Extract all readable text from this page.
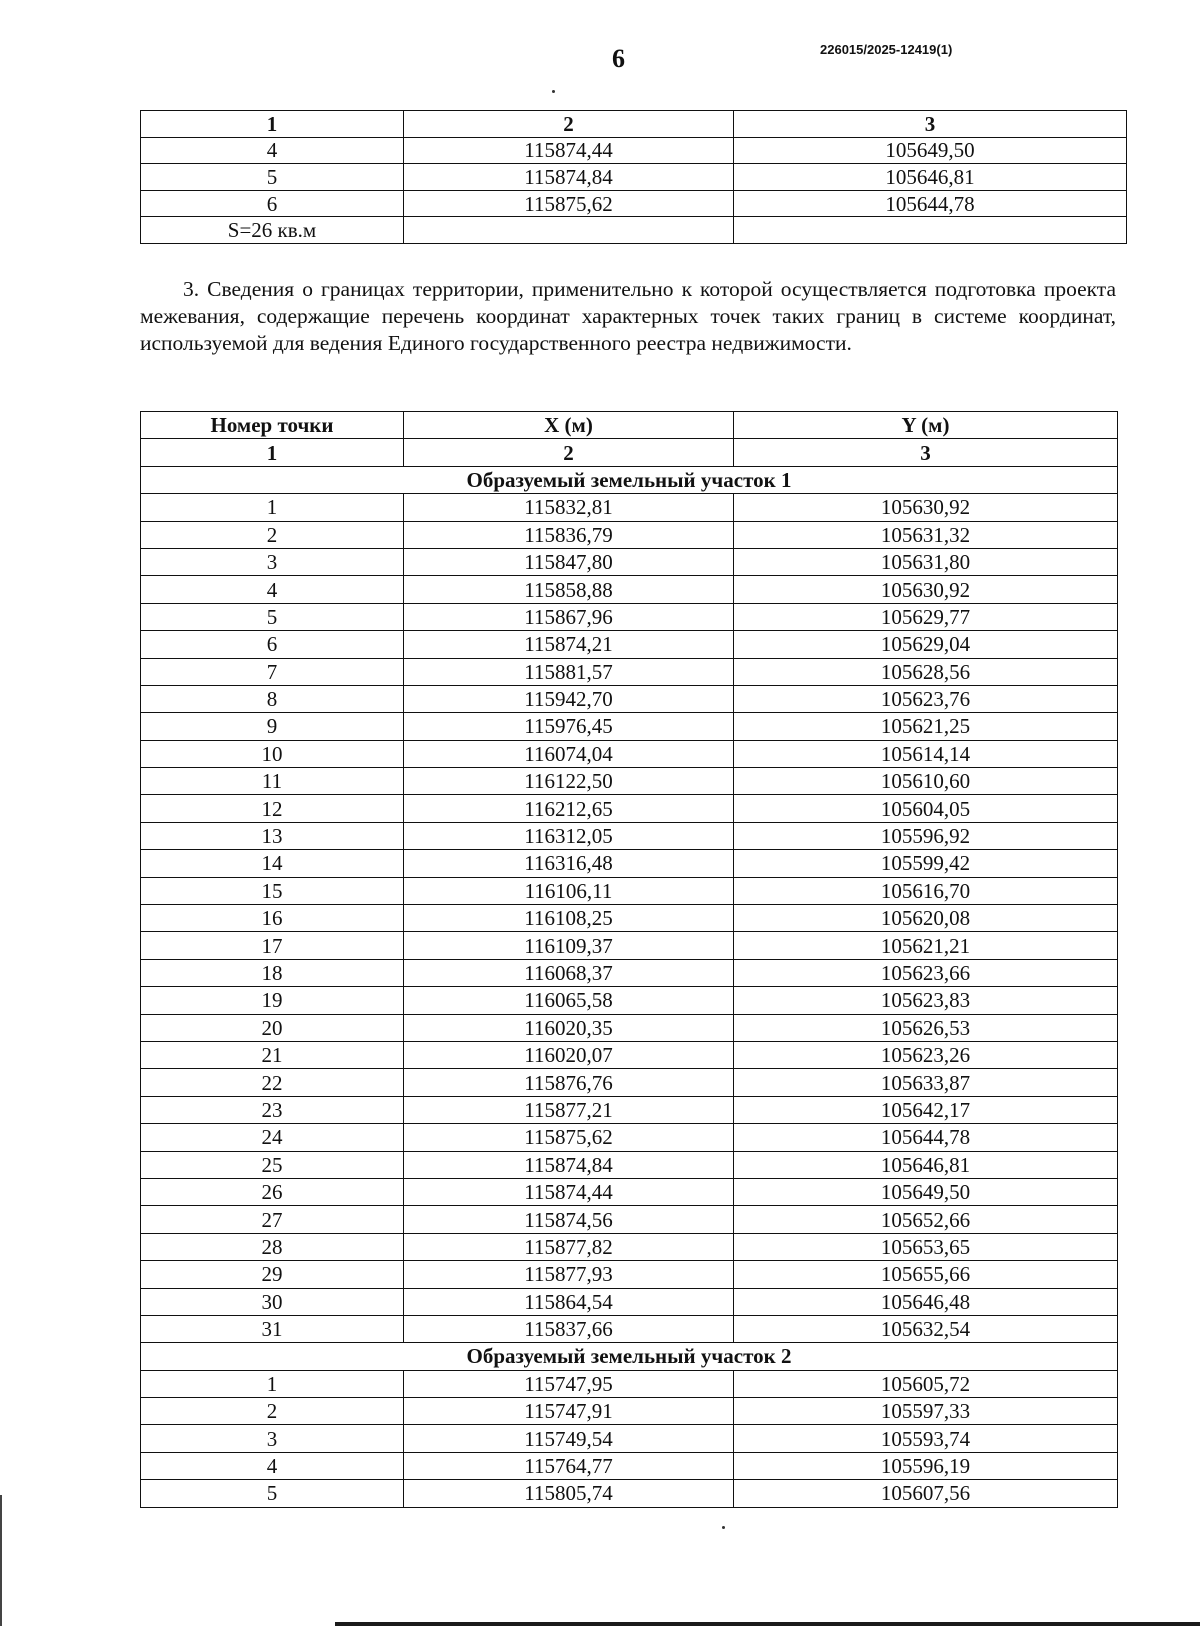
6	226015/2025-12419(1)
1	2	3
4	115874,44	105649,50
5	115874,84	105646,81
6	115875,62	105644,78
S=26 кв.м		
3. Сведения о границах территории, применительно к которой осуществляется подготовка проекта межевания, содержащие перечень координат характерных точек таких границ в системе координат, используемой для ведения Единого государственного реестра недвижимости.
Номер точки	X (м)	Y (м)
1	2	3
Образуемый земельный участок 1		
1	115832,81	105630,92
2	115836,79	105631,32
3	115847,80	105631,80
4	115858,88	105630,92
5	115867,96	105629,77
6	115874,21	105629,04
7	115881,57	105628,56
8	115942,70	105623,76
9	115976,45	105621,25
10	116074,04	105614,14
11	116122,50	105610,60
12	116212,65	105604,05
13	116312,05	105596,92
14	116316,48	105599,42
15	116106,11	105616,70
16	116108,25	105620,08
17	116109,37	105621,21
18	116068,37	105623,66
19	116065,58	105623,83
20	116020,35	105626,53
21	116020,07	105623,26
22	115876,76	105633,87
23	115877,21	105642,17
24	115875,62	105644,78
25	115874,84	105646,81
26	115874,44	105649,50
27	115874,56	105652,66
28	115877,82	105653,65
29	115877,93	105655,66
30	115864,54	105646,48
31	115837,66	105632,54
Образуемый земельный участок 2		
1	115747,95	105605,72
2	115747,91	105597,33
3	115749,54	105593,74
4	115764,77	105596,19
5	115805,74	105607,56
